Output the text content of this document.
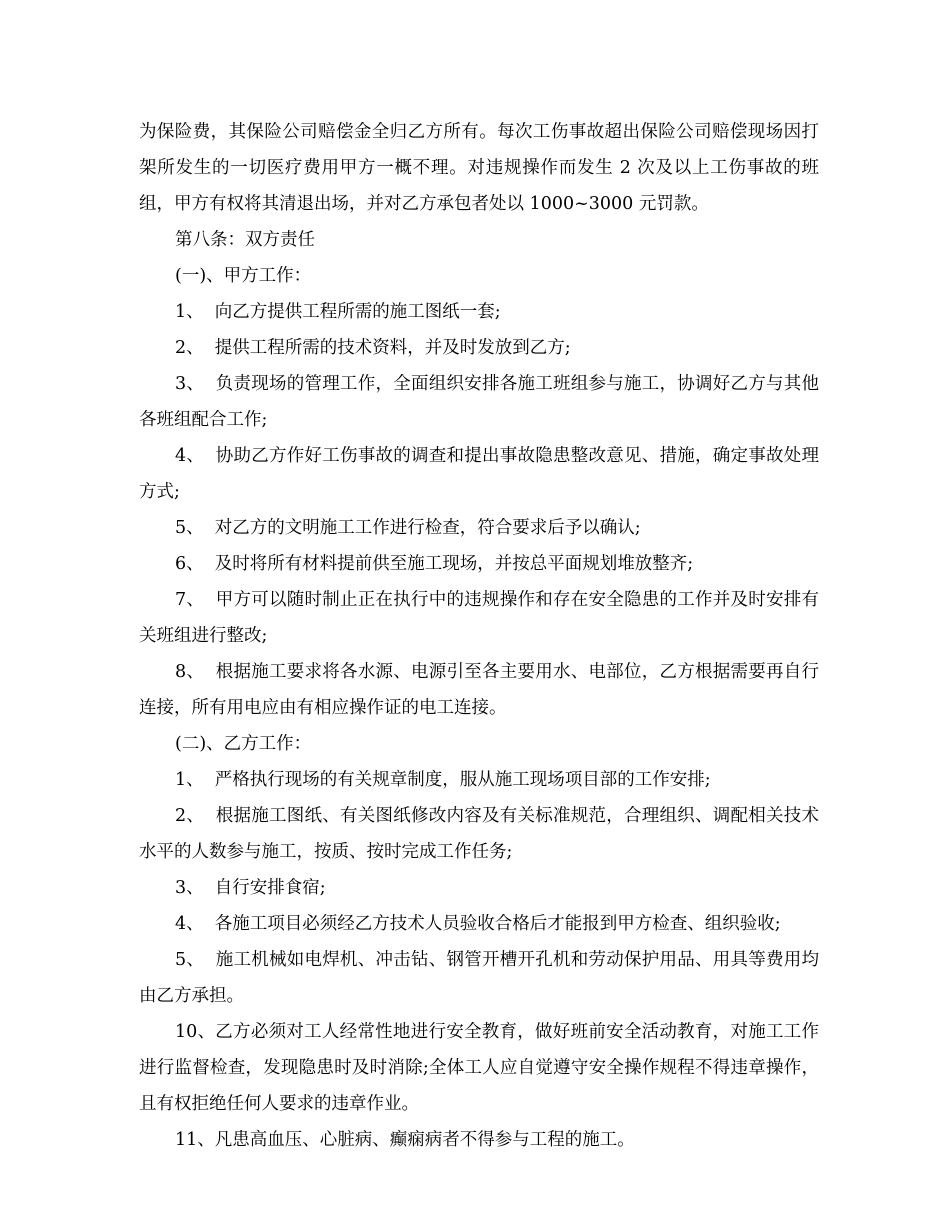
为保险费，其保险公司赔偿金全归乙方所有。每次工伤事故超出保险公司赔偿现场因打架所发生的一切医疗费用甲方一概不理。对违规操作而发生 2 次及以上工伤事故的班组，甲方有权将其清退出场，并对乙方承包者处以 1000~3000 元罚款。

第八条：双方责任

(一)、甲方工作：

1、  向乙方提供工程所需的施工图纸一套;

2、  提供工程所需的技术资料，并及时发放到乙方;

3、  负责现场的管理工作，全面组织安排各施工班组参与施工，协调好乙方与其他各班组配合工作;

4、  协助乙方作好工伤事故的调查和提出事故隐患整改意见、措施，确定事故处理方式;

5、  对乙方的文明施工工作进行检查，符合要求后予以确认;

6、  及时将所有材料提前供至施工现场，并按总平面规划堆放整齐;

7、  甲方可以随时制止正在执行中的违规操作和存在安全隐患的工作并及时安排有关班组进行整改;

8、  根据施工要求将各水源、电源引至各主要用水、电部位，乙方根据需要再自行连接，所有用电应由有相应操作证的电工连接。

(二)、乙方工作：

1、  严格执行现场的有关规章制度，服从施工现场项目部的工作安排;

2、  根据施工图纸、有关图纸修改内容及有关标准规范，合理组织、调配相关技术水平的人数参与施工，按质、按时完成工作任务;

3、  自行安排食宿;

4、  各施工项目必须经乙方技术人员验收合格后才能报到甲方检查、组织验收;

5、  施工机械如电焊机、冲击钻、钢管开槽开孔机和劳动保护用品、用具等费用均由乙方承担。

10、乙方必须对工人经常性地进行安全教育，做好班前安全活动教育，对施工工作进行监督检查，发现隐患时及时消除;全体工人应自觉遵守安全操作规程不得违章操作，且有权拒绝任何人要求的违章作业。

11、凡患高血压、心脏病、癫痫病者不得参与工程的施工。
